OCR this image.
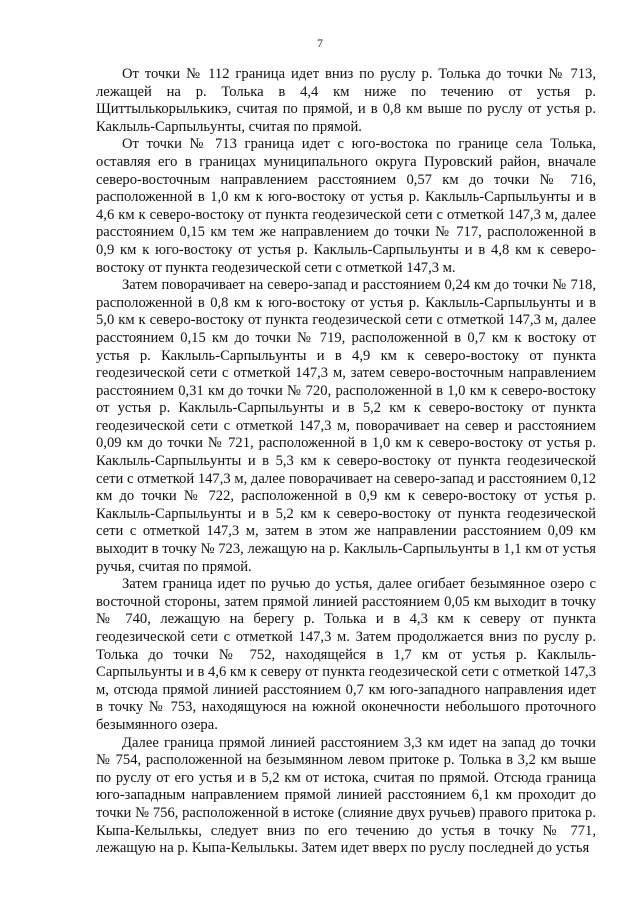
7

От точки № 112 граница идет вниз по руслу р. Толька до точки № 713, лежащей на р. Толька в 4,4 км ниже по течению от устья р. Щиттылькорылькикэ, считая по прямой, и в 0,8 км выше по руслу от устья р. Каклыль-Сарпыльунты, считая по прямой.

От точки № 713 граница идет с юго-востока по границе села Толька, оставляя его в границах муниципального округа Пуровский район, вначале северо-восточным направлением расстоянием 0,57 км до точки № 716, расположенной в 1,0 км к юго-востоку от устья р. Каклыль-Сарпыльунты и в 4,6 км к северо-востоку от пункта геодезической сети с отметкой 147,3 м, далее расстоянием 0,15 км тем же направлением до точки № 717, расположенной в 0,9 км к юго-востоку от устья р. Каклыль-Сарпыльунты и в 4,8 км к северо-востоку от пункта геодезической сети с отметкой 147,3 м.

Затем поворачивает на северо-запад и расстоянием 0,24 км до точки № 718, расположенной в 0,8 км к юго-востоку от устья р. Каклыль-Сарпыльунты и в 5,0 км к северо-востоку от пункта геодезической сети с отметкой 147,3 м, далее расстоянием 0,15 км до точки № 719, расположенной в 0,7 км к востоку от устья р. Каклыль-Сарпыльунты и в 4,9 км к северо-востоку от пункта геодезической сети с отметкой 147,3 м, затем северо-восточным направлением расстоянием 0,31 км до точки № 720, расположенной в 1,0 км к северо-востоку от устья р. Каклыль-Сарпыльунты и в 5,2 км к северо-востоку от пункта геодезической сети с отметкой 147,3 м, поворачивает на север и расстоянием 0,09 км до точки № 721, расположенной в 1,0 км к северо-востоку от устья р. Каклыль-Сарпыльунты и в 5,3 км к северо-востоку от пункта геодезической сети с отметкой 147,3 м, далее поворачивает на северо-запад и расстоянием 0,12 км до точки № 722, расположенной в 0,9 км к северо-востоку от устья р. Каклыль-Сарпыльунты и в 5,2 км к северо-востоку от пункта геодезической сети с отметкой 147,3 м, затем в этом же направлении расстоянием 0,09 км выходит в точку № 723, лежащую на р. Каклыль-Сарпыльунты в 1,1 км от устья ручья, считая по прямой.

Затем граница идет по ручью до устья, далее огибает безымянное озеро с восточной стороны, затем прямой линией расстоянием 0,05 км выходит в точку № 740, лежащую на берегу р. Толька и в 4,3 км к северу от пункта геодезической сети с отметкой 147,3 м. Затем продолжается вниз по руслу р. Толька до точки № 752, находящейся в 1,7 км от устья р. Каклыль-Сарпыльунты и в 4,6 км к северу от пункта геодезической сети с отметкой 147,3 м, отсюда прямой линией расстоянием 0,7 км юго-западного направления идет в точку № 753, находящуюся на южной оконечности небольшого проточного безымянного озера.

Далее граница прямой линией расстоянием 3,3 км идет на запад до точки № 754, расположенной на безымянном левом притоке р. Толька в 3,2 км выше по руслу от его устья и в 5,2 км от истока, считая по прямой. Отсюда граница юго-западным направлением прямой линией расстоянием 6,1 км проходит до точки № 756, расположенной в истоке (слияние двух ручьев) правого притока р. Кыпа-Келылькы, следует вниз по его течению до устья в точку № 771, лежащую на р. Кыпа-Келылькы. Затем идет вверх по руслу последней до устья
